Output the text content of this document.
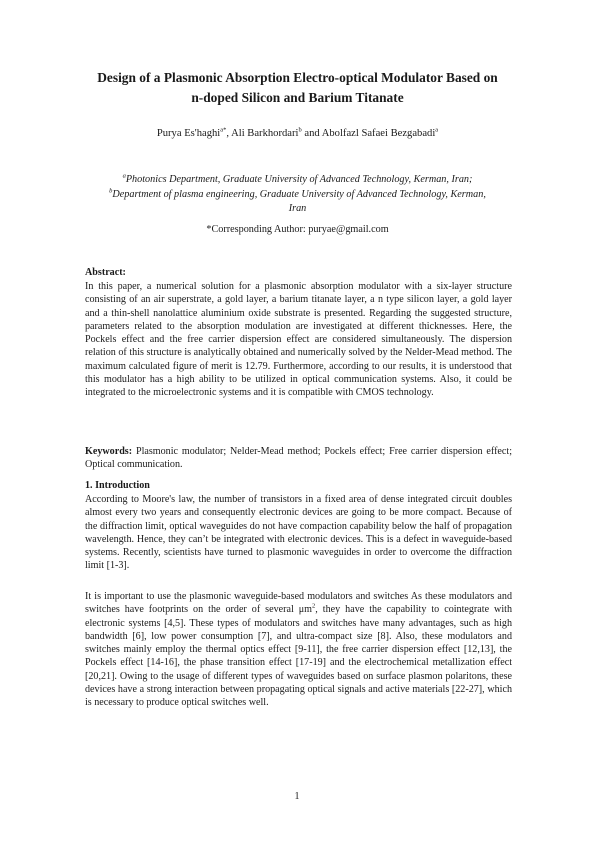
Design of a Plasmonic Absorption Electro-optical Modulator Based on
n-doped Silicon and Barium Titanate
Purya Es'haghi$^{a*}$, Ali Barkhordari$^b$ and Abolfazl Safaei Bezgabadi$^a$
$^a$Photonics Department, Graduate University of Advanced Technology, Kerman, Iran;
$^b$Department of plasma engineering, Graduate University of Advanced Technology, Kerman,
Iran
*Corresponding Author: puryae@gmail.com
Abstract:
In this paper, a numerical solution for a plasmonic absorption modulator with a six-layer structure consisting of an air superstrate, a gold layer, a barium titanate layer, a n type silicon layer, a gold layer and a thin-shell nanolattice aluminium oxide substrate is presented. Regarding the suggested structure, parameters related to the absorption modulation are investigated at different thicknesses. Here, the Pockels effect and the free carrier dispersion effect are considered simultaneously. The dispersion relation of this structure is analytically obtained and numerically solved by the Nelder-Mead method. The maximum calculated figure of merit is 12.79. Furthermore, according to our results, it is understood that this modulator has a high ability to be utilized in optical communication systems. Also, it could be integrated to the microelectronic systems and it is compatible with CMOS technology.
Keywords: Plasmonic modulator; Nelder-Mead method; Pockels effect; Free carrier dispersion effect; Optical communication.
1. Introduction
According to Moore's law, the number of transistors in a fixed area of dense integrated circuit doubles almost every two years and consequently electronic devices are going to be more compact. Because of the diffraction limit, optical waveguides do not have compaction capability below the half of propagation wavelength. Hence, they can’t be integrated with electronic devices. This is a defect in waveguide-based systems. Recently, scientists have turned to plasmonic waveguides in order to overcome the diffraction limit [1-3].
It is important to use the plasmonic waveguide-based modulators and switches As these modulators and switches have footprints on the order of several $\mu m^2$, they have the capability to cointegrate with electronic systems [4,5]. These types of modulators and switches have many advantages, such as high bandwidth [6], low power consumption [7], and ultra-compact size [8]. Also, these modulators and switches mainly employ the thermal optics effect [9-11], the free carrier dispersion effect [12,13], the Pockels effect [14-16], the phase transition effect [17-19] and the electrochemical metallization effect [20,21]. Owing to the usage of different types of waveguides based on surface plasmon polaritons, these devices have a strong interaction between propagating optical signals and active materials [22-27], which is necessary to produce optical switches well.
1
